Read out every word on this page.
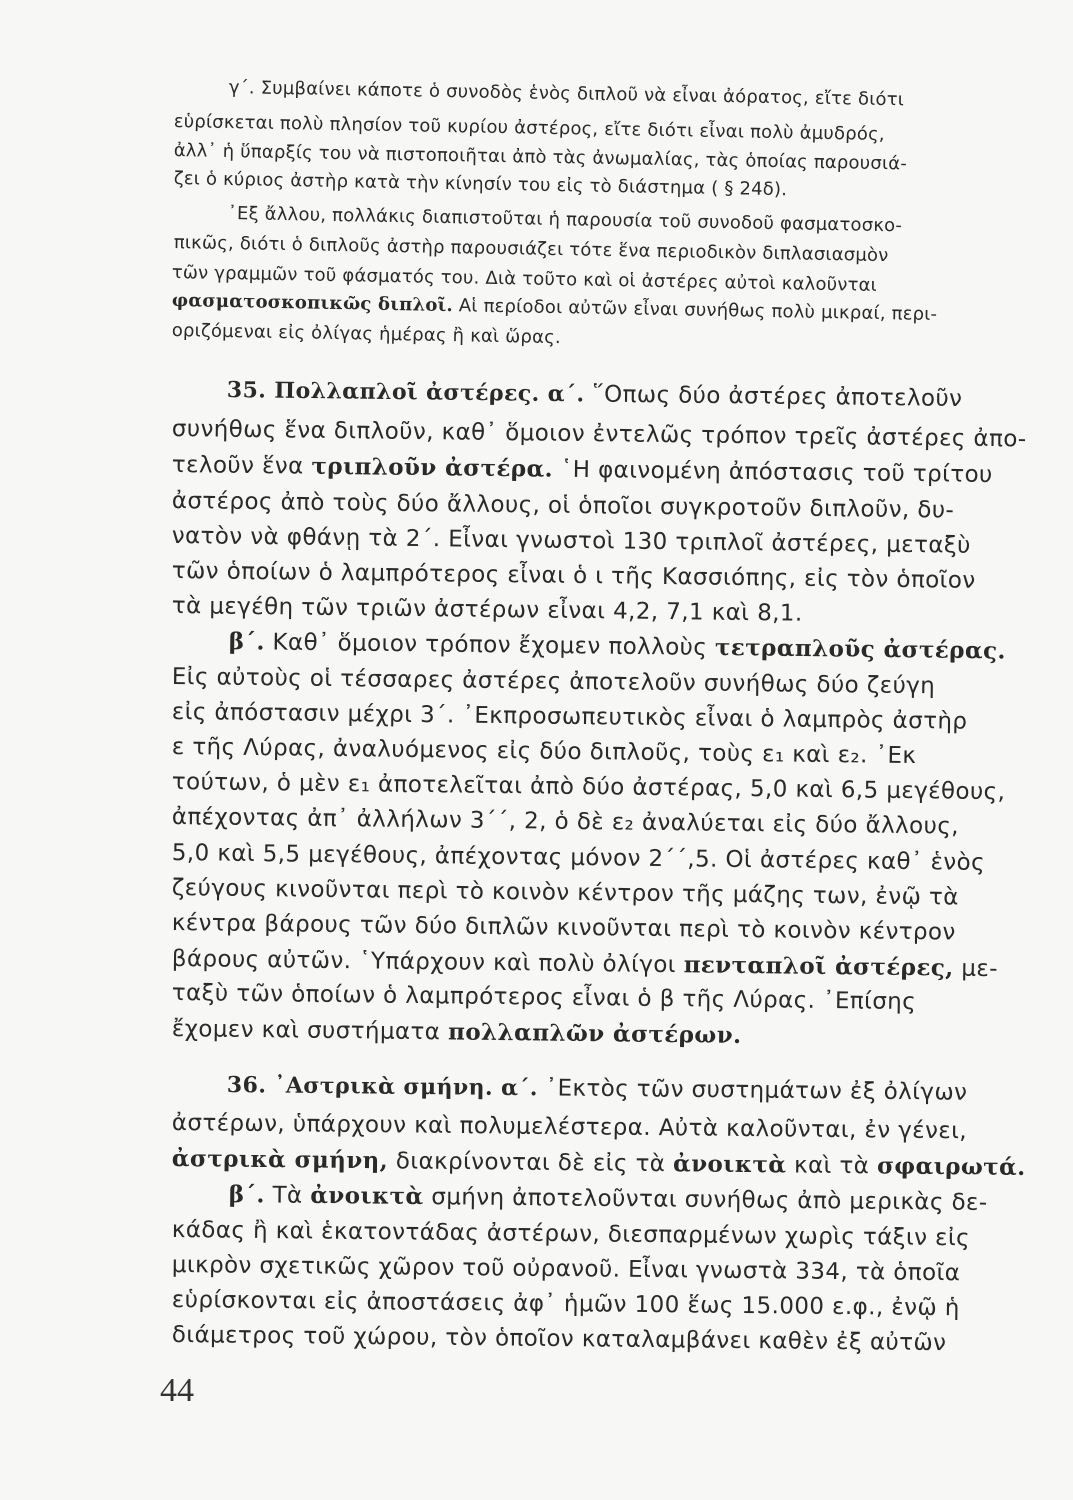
γ΄. Συμβαίνει κάποτε ὁ συνοδὸς ἑνὸς διπλοῦ νὰ εἶναι ἀόρατος, εἴτε διότι
εὑρίσκεται πολὺ πλησίον τοῦ κυρίου ἀστέρος, εἴτε διότι εἶναι πολὺ ἀμυδρός,
ἀλλ᾽ ἡ ὕπαρξίς του νὰ πιστοποιῆται ἀπὸ τὰς ἀνωμαλίας, τὰς ὁποίας παρουσιά-
ζει ὁ κύριος ἀστὴρ κατὰ τὴν κίνησίν του εἰς τὸ διάστημα ( § 24δ).
᾽Εξ ἄλλου, πολλάκις διαπιστοῦται ἡ παρουσία τοῦ συνοδοῦ φασματοσκο-
πικῶς, διότι ὁ διπλοῦς ἀστὴρ παρουσιάζει τότε ἕνα περιοδικὸν διπλασιασμὸν
τῶν γραμμῶν τοῦ φάσματός του. Διὰ τοῦτο καὶ οἱ ἀστέρες αὐτοὶ καλοῦνται
φασματοσκοπικῶς διπλοῖ. Αἱ περίοδοι αὐτῶν εἶναι συνήθως πολὺ μικραί, περι-
οριζόμεναι εἰς ὀλίγας ἡμέρας ἢ καὶ ὥρας.
35. Πολλαπλοῖ ἀστέρες. α΄. ῞Οπως δύο ἀστέρες ἀποτελοῦν
συνήθως ἕνα διπλοῦν, καθ᾽ ὅμοιον ἐντελῶς τρόπον τρεῖς ἀστέρες ἀπο-
τελοῦν ἕνα τριπλοῦν ἀστέρα. ῾Η φαινομένη ἀπόστασις τοῦ τρίτου
ἀστέρος ἀπὸ τοὺς δύο ἄλλους, οἱ ὁποῖοι συγκροτοῦν διπλοῦν, δυ-
νατὸν νὰ φθάνῃ τὰ 2΄. Εἶναι γνωστοὶ 130 τριπλοῖ ἀστέρες, μεταξὺ
τῶν ὁποίων ὁ λαμπρότερος εἶναι ὁ ι τῆς Κασσιόπης, εἰς τὸν ὁποῖον
τὰ μεγέθη τῶν τριῶν ἀστέρων εἶναι 4,2, 7,1 καὶ 8,1.
β΄. Καθ᾽ ὅμοιον τρόπον ἔχομεν πολλοὺς τετραπλοῦς ἀστέρας.
Εἰς αὐτοὺς οἱ τέσσαρες ἀστέρες ἀποτελοῦν συνήθως δύο ζεύγη
εἰς ἀπόστασιν μέχρι 3΄. ᾽Εκπροσωπευτικὸς εἶναι ὁ λαμπρὸς ἀστὴρ
ε τῆς Λύρας, ἀναλυόμενος εἰς δύο διπλοῦς, τοὺς ε₁ καὶ ε₂. ᾽Εκ
τούτων, ὁ μὲν ε₁ ἀποτελεῖται ἀπὸ δύο ἀστέρας, 5,0 καὶ 6,5 μεγέθους,
ἀπέχοντας ἀπ᾽ ἀλλήλων 3΄΄, 2, ὁ δὲ ε₂ ἀναλύεται εἰς δύο ἄλλους,
5,0 καὶ 5,5 μεγέθους, ἀπέχοντας μόνον 2΄΄,5. Οἱ ἀστέρες καθ᾽ ἑνὸς
ζεύγους κινοῦνται περὶ τὸ κοινὸν κέντρον τῆς μάζης των, ἐνῷ τὰ
κέντρα βάρους τῶν δύο διπλῶν κινοῦνται περὶ τὸ κοινὸν κέντρον
βάρους αὐτῶν. ῾Υπάρχουν καὶ πολὺ ὀλίγοι πενταπλοῖ ἀστέρες, με-
ταξὺ τῶν ὁποίων ὁ λαμπρότερος εἶναι ὁ β τῆς Λύρας. ᾽Επίσης
ἔχομεν καὶ συστήματα πολλαπλῶν ἀστέρων.
36. ᾽Αστρικὰ σμήνη. α΄. ᾽Εκτὸς τῶν συστημάτων ἐξ ὀλίγων
ἀστέρων, ὑπάρχουν καὶ πολυμελέστερα. Αὐτὰ καλοῦνται, ἐν γένει,
ἀστρικὰ σμήνη, διακρίνονται δὲ εἰς τὰ ἀνοικτὰ καὶ τὰ σφαιρωτά.
β΄. Τὰ ἀνοικτὰ σμήνη ἀποτελοῦνται συνήθως ἀπὸ μερικὰς δε-
κάδας ἢ καὶ ἑκατοντάδας ἀστέρων, διεσπαρμένων χωρὶς τάξιν εἰς
μικρὸν σχετικῶς χῶρον τοῦ οὐρανοῦ. Εἶναι γνωστὰ 334, τὰ ὁποῖα
εὑρίσκονται εἰς ἀποστάσεις ἀφ᾽ ἡμῶν 100 ἕως 15.000 ε.φ., ἐνῷ ἡ
διάμετρος τοῦ χώρου, τὸν ὁποῖον καταλαμβάνει καθὲν ἐξ αὐτῶν
44
